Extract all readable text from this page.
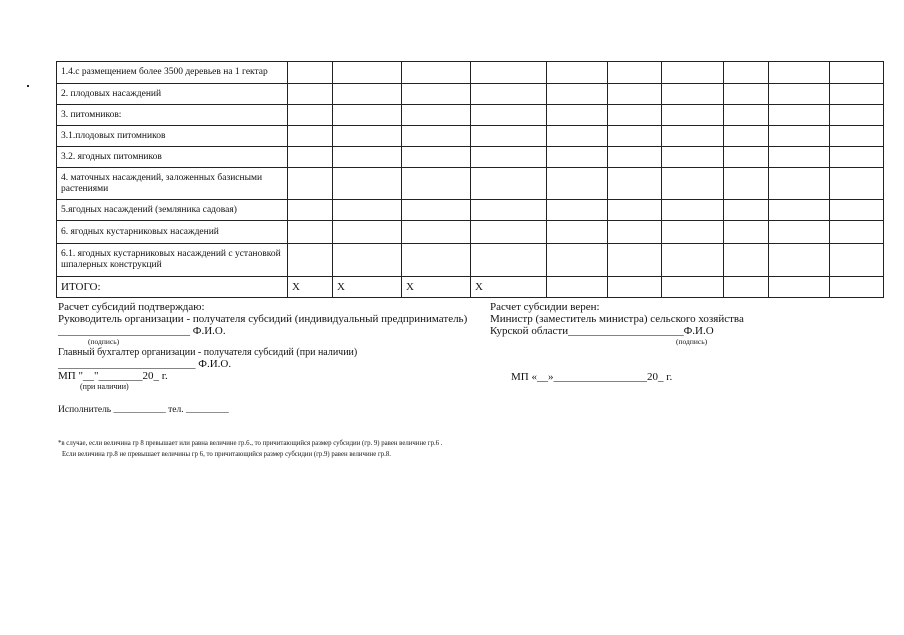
1.4.с размещением более 3500 деревьев на 1 гектар										
2. плодовых насаждений										
3. питомников:										
3.1.плодовых питомников										
3.2. ягодных питомников										
4. маточных насаждений, заложенных базисными растениями										
5.ягодных насаждений (земляника садовая)										
6. ягодных кустарниковых насаждений										
6.1. ягодных кустарниковых насаждений с установкой шпалерных конструкций										
ИТОГО:	X	X	X	X						
Расчет субсидий подтверждаю:
Руководитель организации - получателя субсидий (индивидуальный предприниматель)
________________________ Ф.И.О.
(подпись)
Главный бухгалтер организации - получателя субсидий (при наличии)
_________________________ Ф.И.О.
МП "__"________20_ г.
(при наличии)
Исполнитель ___________ тел. _________
Расчет субсидии верен:
Министр (заместитель министра) сельского хозяйства
Курской области_____________________Ф.И.О
(подпись)
МП «__»_________________20_ г.
*в случае, если величина гр 8 превышает или равна величине гр.6., то причитающийся размер субсидии (гр. 9) равен величине гр.6 .
Если величина гр.8 не превышает величины гр 6, то причитающийся размер субсидии (гр.9) равен величине гр.8.
